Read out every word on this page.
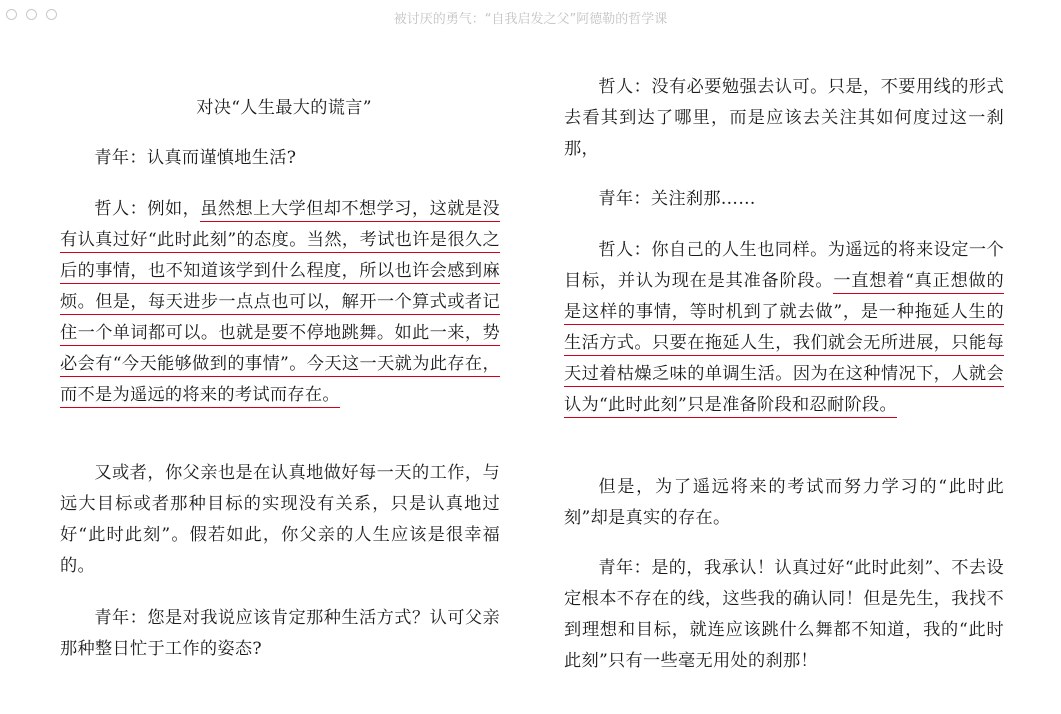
被讨厌的勇气：“自我启发之父”阿德勒的哲学课

对决“人生最大的谎言”

青年：认真而谨慎地生活?

哲人：例如，虽然想上大学但却不想学习，这就是没有认真过好“此时此刻”的态度。当然，考试也许是很久之后的事情，也不知道该学到什么程度，所以也许会感到麻烦。但是，每天进步一点点也可以，解开一个算式或者记住一个单词都可以。也就是要不停地跳舞。如此一来，势必会有“今天能够做到的事情”。今天这一天就为此存在，而不是为遥远的将来的考试而存在。

又或者，你父亲也是在认真地做好每一天的工作，与远大目标或者那种目标的实现没有关系，只是认真地过好“此时此刻”。假若如此，你父亲的人生应该是很幸福的。

青年：您是对我说应该肯定那种生活方式？认可父亲那种整日忙于工作的姿态?

哲人：没有必要勉强去认可。只是，不要用线的形式去看其到达了哪里，而是应该去关注其如何度过这一刹那，

青年：关注刹那……

哲人：你自己的人生也同样。为遥远的将来设定一个目标，并认为现在是其准备阶段。一直想着“真正想做的是这样的事情，等时机到了就去做”，是一种拖延人生的生活方式。只要在拖延人生，我们就会无所进展，只能每天过着枯燥乏味的单调生活。因为在这种情况下，人就会认为“此时此刻”只是准备阶段和忍耐阶段。

但是，为了遥远将来的考试而努力学习的“此时此刻”却是真实的存在。

青年：是的，我承认！认真过好“此时此刻”、不去设定根本不存在的线，这些我的确认同！但是先生，我找不到理想和目标，就连应该跳什么舞都不知道，我的“此时此刻”只有一些毫无用处的刹那！
